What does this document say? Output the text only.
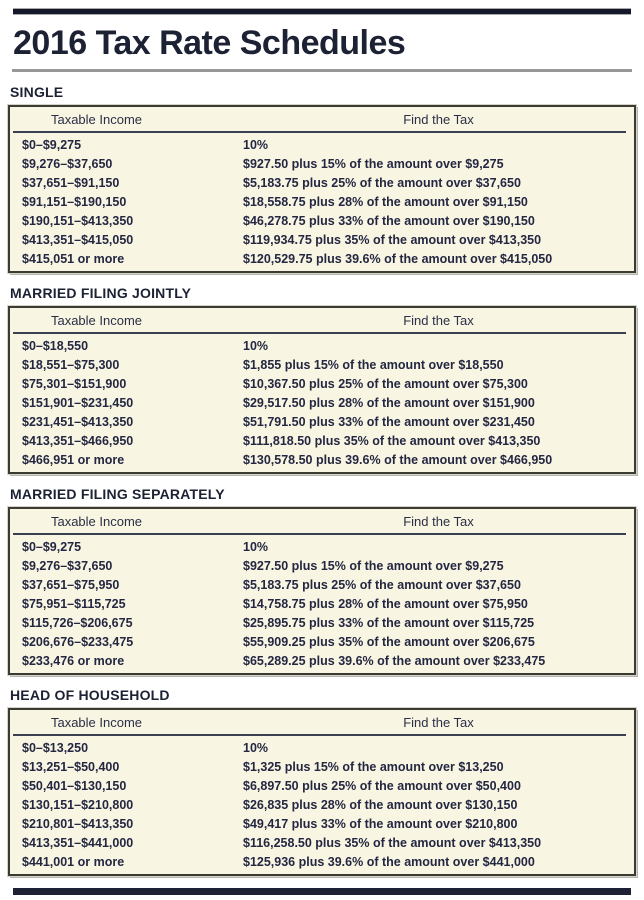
2016 Tax Rate Schedules
SINGLE
Taxable Income	Find the Tax
$0–$9,275	10%
$9,276–$37,650	$927.50 plus 15% of the amount over $9,275
$37,651–$91,150	$5,183.75 plus 25% of the amount over $37,650
$91,151–$190,150	$18,558.75 plus 28% of the amount over $91,150
$190,151–$413,350	$46,278.75 plus 33% of the amount over $190,150
$413,351–$415,050	$119,934.75 plus 35% of the amount over $413,350
$415,051 or more	$120,529.75 plus 39.6% of the amount over $415,050
MARRIED FILING JOINTLY
Taxable Income	Find the Tax
$0–$18,550	10%
$18,551–$75,300	$1,855 plus 15% of the amount over $18,550
$75,301–$151,900	$10,367.50 plus 25% of the amount over $75,300
$151,901–$231,450	$29,517.50 plus 28% of the amount over $151,900
$231,451–$413,350	$51,791.50 plus 33% of the amount over $231,450
$413,351–$466,950	$111,818.50 plus 35% of the amount over $413,350
$466,951 or more	$130,578.50 plus 39.6% of the amount over $466,950
MARRIED FILING SEPARATELY
Taxable Income	Find the Tax
$0–$9,275	10%
$9,276–$37,650	$927.50 plus 15% of the amount over $9,275
$37,651–$75,950	$5,183.75 plus 25% of the amount over $37,650
$75,951–$115,725	$14,758.75 plus 28% of the amount over $75,950
$115,726–$206,675	$25,895.75 plus 33% of the amount over $115,725
$206,676–$233,475	$55,909.25 plus 35% of the amount over $206,675
$233,476 or more	$65,289.25 plus 39.6% of the amount over $233,475
HEAD OF HOUSEHOLD
Taxable Income	Find the Tax
$0–$13,250	10%
$13,251–$50,400	$1,325 plus 15% of the amount over $13,250
$50,401–$130,150	$6,897.50 plus 25% of the amount over $50,400
$130,151–$210,800	$26,835 plus 28% of the amount over $130,150
$210,801–$413,350	$49,417 plus 33% of the amount over $210,800
$413,351–$441,000	$116,258.50 plus 35% of the amount over $413,350
$441,001 or more	$125,936 plus 39.6% of the amount over $441,000
